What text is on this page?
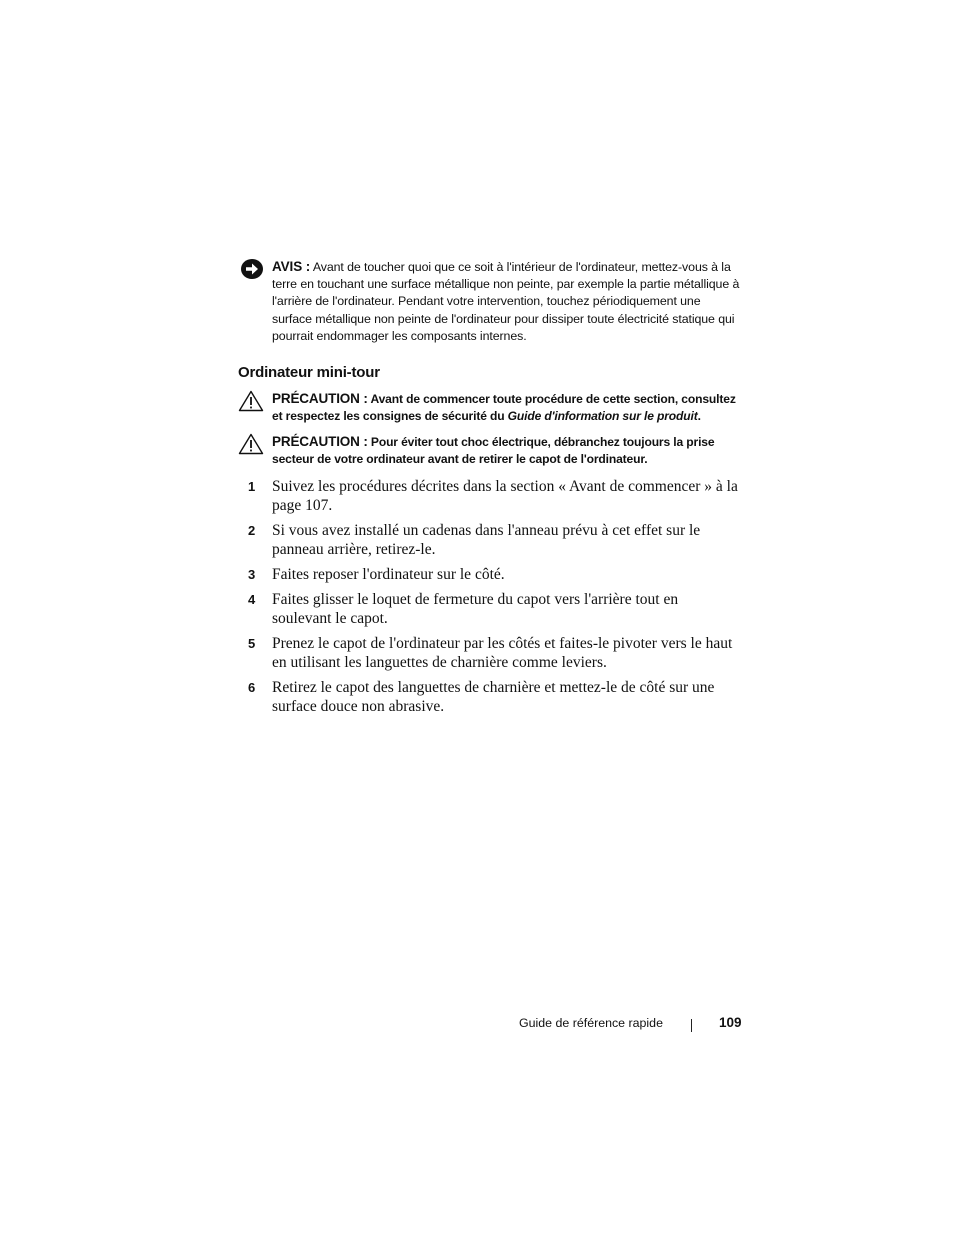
AVIS : Avant de toucher quoi que ce soit à l'intérieur de l'ordinateur, mettez-vous à la terre en touchant une surface métallique non peinte, par exemple la partie métallique à l'arrière de l'ordinateur. Pendant votre intervention, touchez périodiquement une surface métallique non peinte de l'ordinateur pour dissiper toute électricité statique qui pourrait endommager les composants internes.
Ordinateur mini-tour
PRÉCAUTION : Avant de commencer toute procédure de cette section, consultez et respectez les consignes de sécurité du Guide d'information sur le produit.
PRÉCAUTION : Pour éviter tout choc électrique, débranchez toujours la prise secteur de votre ordinateur avant de retirer le capot de l'ordinateur.
1 Suivez les procédures décrites dans la section « Avant de commencer » à la page 107.
2 Si vous avez installé un cadenas dans l'anneau prévu à cet effet sur le panneau arrière, retirez-le.
3 Faites reposer l'ordinateur sur le côté.
4 Faites glisser le loquet de fermeture du capot vers l'arrière tout en soulevant le capot.
5 Prenez le capot de l'ordinateur par les côtés et faites-le pivoter vers le haut en utilisant les languettes de charnière comme leviers.
6 Retirez le capot des languettes de charnière et mettez-le de côté sur une surface douce non abrasive.
Guide de référence rapide	109
